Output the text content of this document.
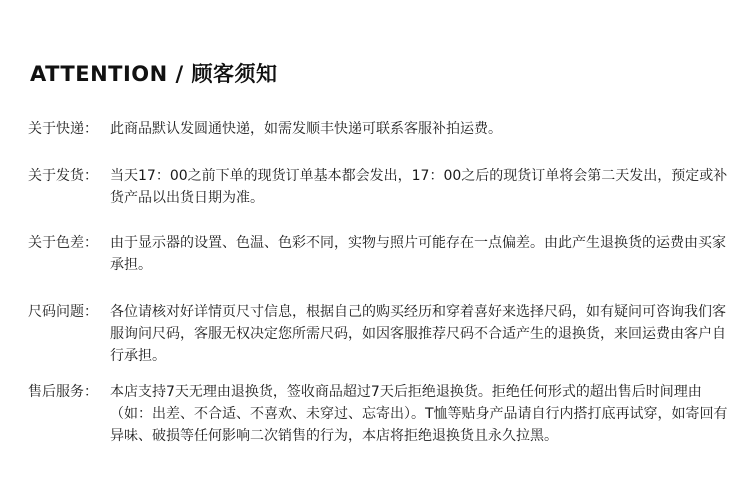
ATTENTION / 顾客须知
关于快递： 此商品默认发圆通快递，如需发顺丰快递可联系客服补拍运费。
关于发货： 当天17：00之前下单的现货订单基本都会发出，17：00之后的现货订单将会第二天发出，预定或补货产品以出货日期为准。
关于色差： 由于显示器的设置、色温、色彩不同，实物与照片可能存在一点偏差。由此产生退换货的运费由买家承担。
尺码问题： 各位请核对好详情页尺寸信息，根据自己的购买经历和穿着喜好来选择尺码，如有疑问可咨询我们客服询问尺码，客服无权决定您所需尺码，如因客服推荐尺码不合适产生的退换货，来回运费由客户自行承担。
售后服务： 本店支持7天无理由退换货，签收商品超过7天后拒绝退换货。拒绝任何形式的超出售后时间理由（如：出差、不合适、不喜欢、未穿过、忘寄出）。T恤等贴身产品请自行内搭打底再试穿，如寄回有异味、破损等任何影响二次销售的行为，本店将拒绝退换货且永久拉黑。
